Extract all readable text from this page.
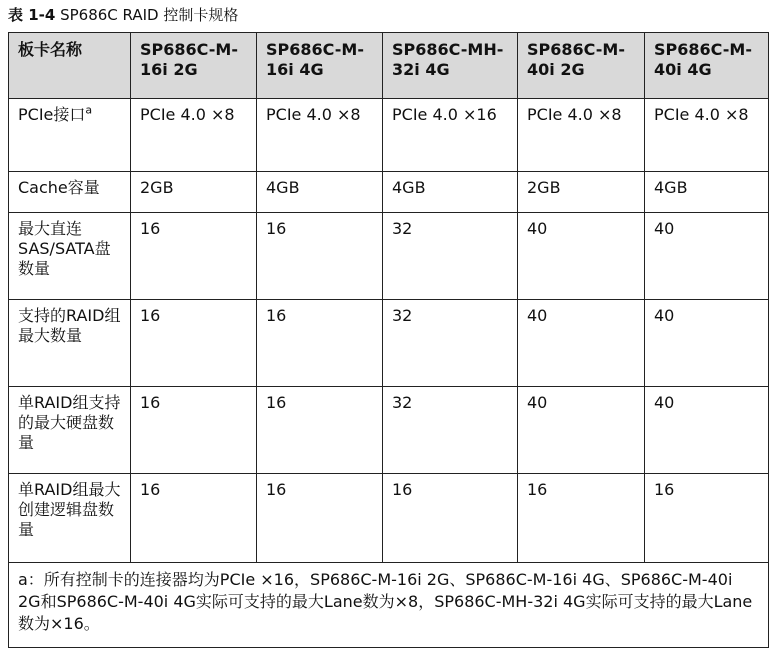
表 1-4 SP686C RAID 控制卡规格
板卡名称	SP686C-M-16i 2G	SP686C-M-16i 4G	SP686C-MH-32i 4G	SP686C-M-40i 2G	SP686C-M-40i 4G
PCIe接口$^a$	PCIe 4.0 ×8	PCIe 4.0 ×8	PCIe 4.0 ×16	PCIe 4.0 ×8	PCIe 4.0 ×8
Cache容量	2GB	4GB	4GB	2GB	4GB
最大直连SAS/SATA盘数量	16	16	32	40	40
支持的RAID组最大数量	16	16	32	40	40
单RAID组支持的最大硬盘数量	16	16	32	40	40
单RAID组最大创建逻辑盘数量	16	16	16	16	16
a：所有控制卡的连接器均为PCIe ×16，SP686C-M-16i 2G、SP686C-M-16i 4G、SP686C-M-40i 2G和SP686C-M-40i 4G实际可支持的最大Lane数为×8，SP686C-MH-32i 4G实际可支持的最大Lane数为×16。					
